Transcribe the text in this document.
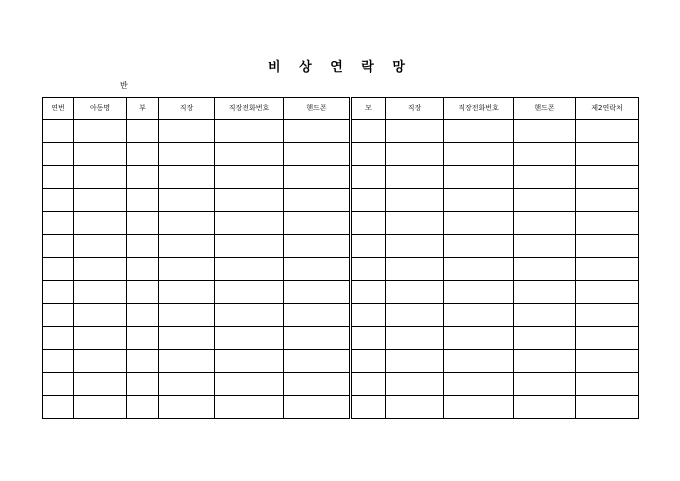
비 상 연 락 망
반
연번	아동명	부	직장	직장전화번호	핸드폰	모	직장	직장전화번호	핸드폰	제2연락처
